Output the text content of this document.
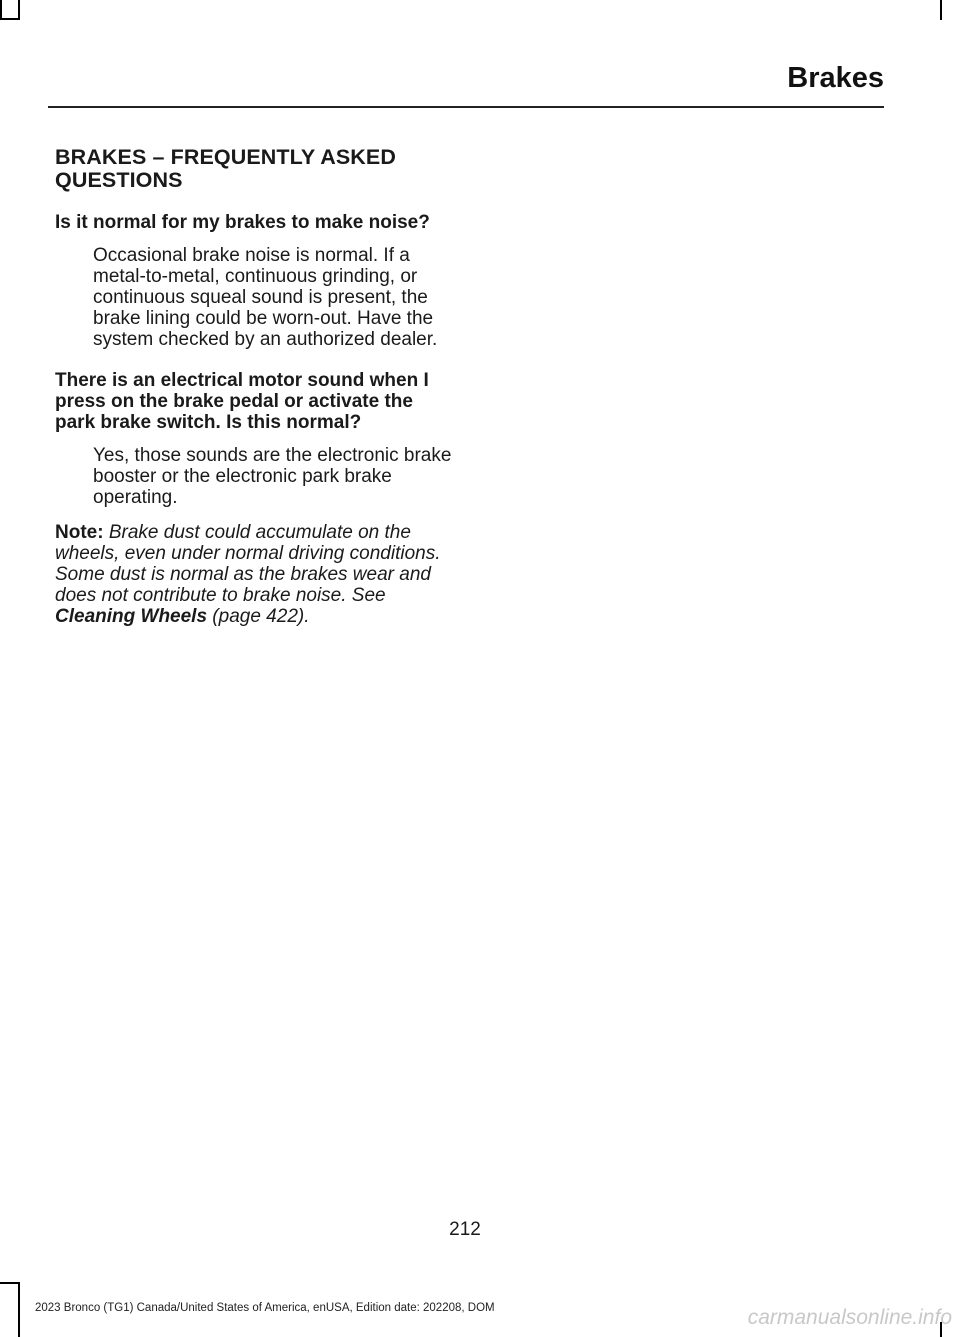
Brakes
BRAKES – FREQUENTLY ASKED QUESTIONS

Is it normal for my brakes to make noise?

Occasional brake noise is normal. If a metal-to-metal, continuous grinding, or continuous squeal sound is present, the brake lining could be worn-out. Have the system checked by an authorized dealer.

There is an electrical motor sound when I press on the brake pedal or activate the park brake switch. Is this normal?

Yes, those sounds are the electronic brake booster or the electronic park brake operating.

Note: Brake dust could accumulate on the wheels, even under normal driving conditions. Some dust is normal as the brakes wear and does not contribute to brake noise. See Cleaning Wheels (page 422).

212
2023 Bronco (TG1) Canada/United States of America, enUSA, Edition date: 202208, DOM	carmanualsonline.info
